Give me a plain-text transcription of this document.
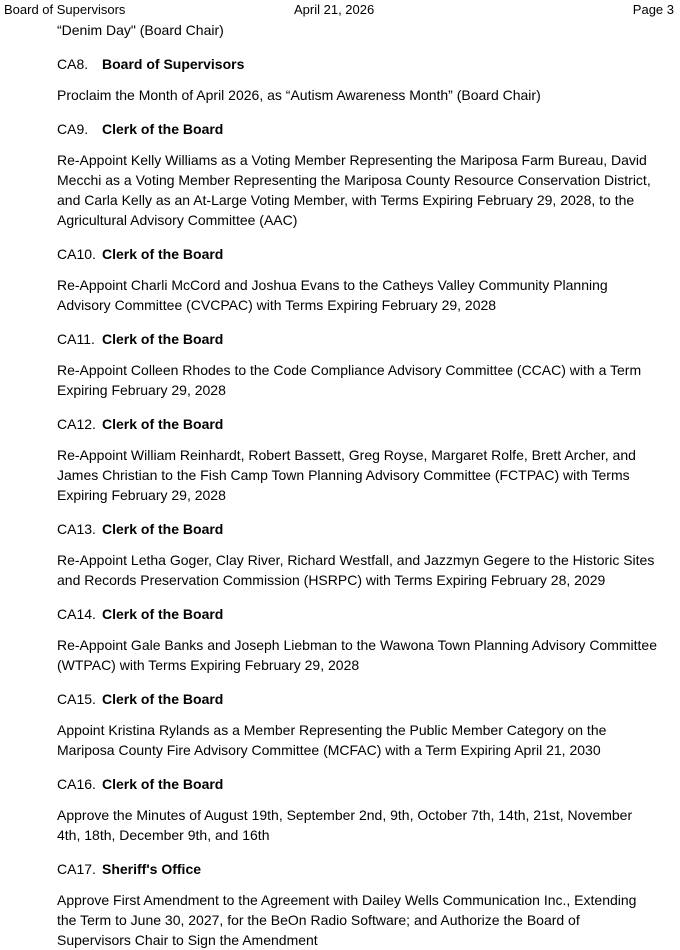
Board of Supervisors	April 21, 2026	Page 3

“Denim Day" (Board Chair)

CA8. Board of Supervisors

Proclaim the Month of April 2026, as “Autism Awareness Month” (Board Chair)

CA9. Clerk of the Board

Re-Appoint Kelly Williams as a Voting Member Representing the Mariposa Farm Bureau, David Mecchi as a Voting Member Representing the Mariposa County Resource Conservation District, and Carla Kelly as an At-Large Voting Member, with Terms Expiring February 29, 2028, to the Agricultural Advisory Committee (AAC)

CA10. Clerk of the Board

Re-Appoint Charli McCord and Joshua Evans to the Catheys Valley Community Planning Advisory Committee (CVCPAC) with Terms Expiring February 29, 2028

CA11. Clerk of the Board

Re-Appoint Colleen Rhodes to the Code Compliance Advisory Committee (CCAC) with a Term Expiring February 29, 2028

CA12. Clerk of the Board

Re-Appoint William Reinhardt, Robert Bassett, Greg Royse, Margaret Rolfe, Brett Archer, and James Christian to the Fish Camp Town Planning Advisory Committee (FCTPAC) with Terms Expiring February 29, 2028

CA13. Clerk of the Board

Re-Appoint Letha Goger, Clay River, Richard Westfall, and Jazzmyn Gegere to the Historic Sites and Records Preservation Commission (HSRPC) with Terms Expiring February 28, 2029

CA14. Clerk of the Board

Re-Appoint Gale Banks and Joseph Liebman to the Wawona Town Planning Advisory Committee (WTPAC) with Terms Expiring February 29, 2028

CA15. Clerk of the Board

Appoint Kristina Rylands as a Member Representing the Public Member Category on the Mariposa County Fire Advisory Committee (MCFAC) with a Term Expiring April 21, 2030

CA16. Clerk of the Board

Approve the Minutes of August 19th, September 2nd, 9th, October 7th, 14th, 21st, November 4th, 18th, December 9th, and 16th

CA17. Sheriff's Office

Approve First Amendment to the Agreement with Dailey Wells Communication Inc., Extending the Term to June 30, 2027, for the BeOn Radio Software; and Authorize the Board of Supervisors Chair to Sign the Amendment
